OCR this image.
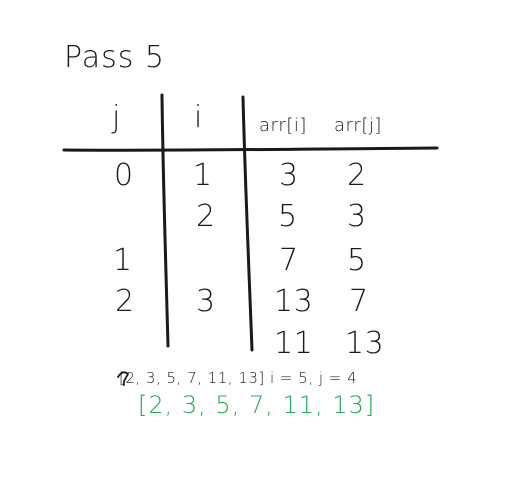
Pass 5
j i	arr[i] arr[j]
0 1 3 2
2 5 3
1	7 5
2 3 13 7
11 13
[2, 3, 5, 7, 11, 13] i = 5, j = 4
[2, 3, 5, 7, 11, 13]
